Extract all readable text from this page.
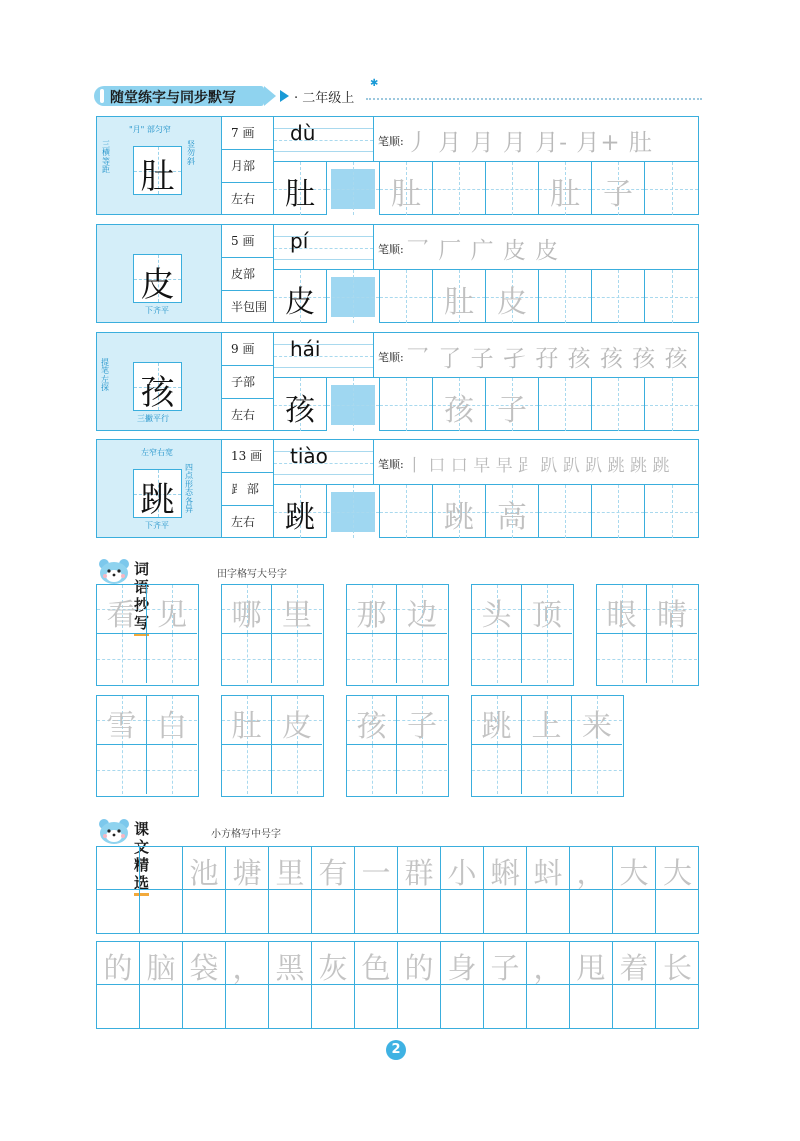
随堂练字与同步默写	· 二年级上
✱
肚
"月" 部匀窄
三横等距
竖勿斜
7 画
月部
左右
dù	笔顺: 丿 月 月 月 月- 月+ 肚
肚	肚	肚 子
皮
下齐平
5 画
皮部
半包围
pí	笔顺: 乛 厂 广 皮 皮
皮	肚 皮
孩
提笔左探
三撇平行
9 画
子部
左右
hái	笔顺: 乛 了 子 孑 孖 孩 孩 孩 孩
孩	孩 子
跳
左窄右宽
四点形态各异
下齐平
13 画
⻊ 部
左右
tiào	笔顺: 丨 口 口 早 早 𧾷 趴 趴 趴 跳 跳 跳
跳	跳 高
词语抄写
田字格写大号字
看 见	哪 里	那 边	头 顶	眼 睛
雪 白	肚 皮	孩 子	跳 上 来
课文精选
小方格写中号字
池 塘 里 有 一 群 小 蝌 蚪 ， 大 大
的 脑 袋 ， 黑 灰 色 的 身 子 ， 甩 着 长
2
